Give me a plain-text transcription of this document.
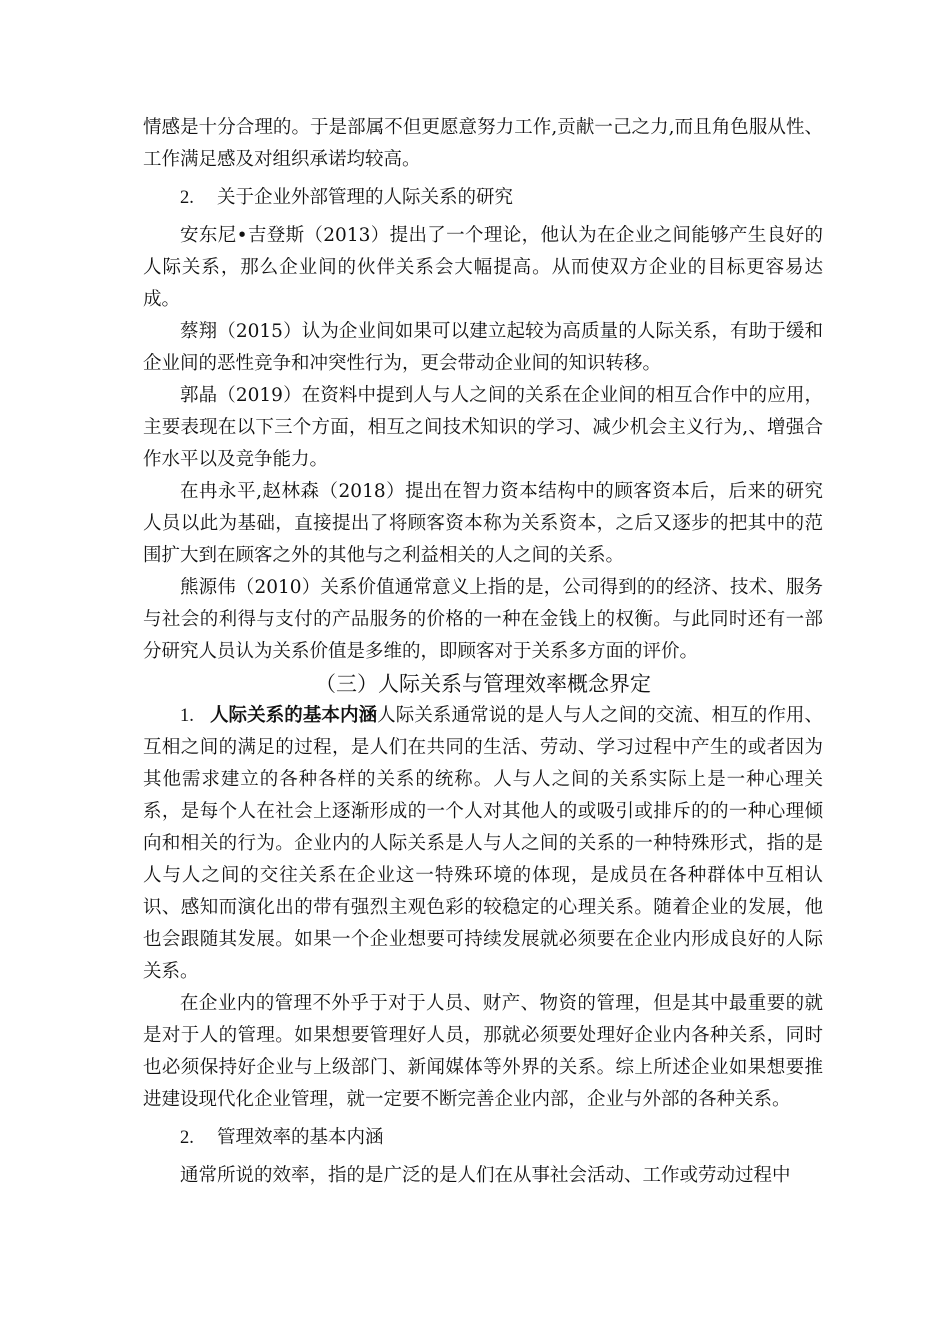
情感是十分合理的。于是部属不但更愿意努力工作,贡献一己之力,而且角色服从性、工作满足感及对组织承诺均较高。

2. 关于企业外部管理的人际关系的研究

安东尼•吉登斯（2013）提出了一个理论，他认为在企业之间能够产生良好的人际关系，那么企业间的伙伴关系会大幅提高。从而使双方企业的目标更容易达成。

蔡翔（2015）认为企业间如果可以建立起较为高质量的人际关系，有助于缓和企业间的恶性竞争和冲突性行为，更会带动企业间的知识转移。

郭晶（2019）在资料中提到人与人之间的关系在企业间的相互合作中的应用，主要表现在以下三个方面，相互之间技术知识的学习、减少机会主义行为,、增强合作水平以及竞争能力。

在冉永平,赵林森（2018）提出在智力资本结构中的顾客资本后，后来的研究人员以此为基础，直接提出了将顾客资本称为关系资本，之后又逐步的把其中的范围扩大到在顾客之外的其他与之利益相关的人之间的关系。

熊源伟（2010）关系价值通常意义上指的是，公司得到的的经济、技术、服务与社会的利得与支付的产品服务的价格的一种在金钱上的权衡。与此同时还有一部分研究人员认为关系价值是多维的，即顾客对于关系多方面的评价。

（三）人际关系与管理效率概念界定

1. 人际关系的基本内涵人际关系通常说的是人与人之间的交流、相互的作用、互相之间的满足的过程，是人们在共同的生活、劳动、学习过程中产生的或者因为其他需求建立的各种各样的关系的统称。人与人之间的关系实际上是一种心理关系，是每个人在社会上逐渐形成的一个人对其他人的或吸引或排斥的的一种心理倾向和相关的行为。企业内的人际关系是人与人之间的关系的一种特殊形式，指的是人与人之间的交往关系在企业这一特殊环境的体现，是成员在各种群体中互相认识、感知而演化出的带有强烈主观色彩的较稳定的心理关系。随着企业的发展，他也会跟随其发展。如果一个企业想要可持续发展就必须要在企业内形成良好的人际关系。

在企业内的管理不外乎于对于人员、财产、物资的管理，但是其中最重要的就是对于人的管理。如果想要管理好人员，那就必须要处理好企业内各种关系，同时也必须保持好企业与上级部门、新闻媒体等外界的关系。综上所述企业如果想要推进建设现代化企业管理，就一定要不断完善企业内部，企业与外部的各种关系。

2. 管理效率的基本内涵

通常所说的效率，指的是广泛的是人们在从事社会活动、工作或劳动过程中
